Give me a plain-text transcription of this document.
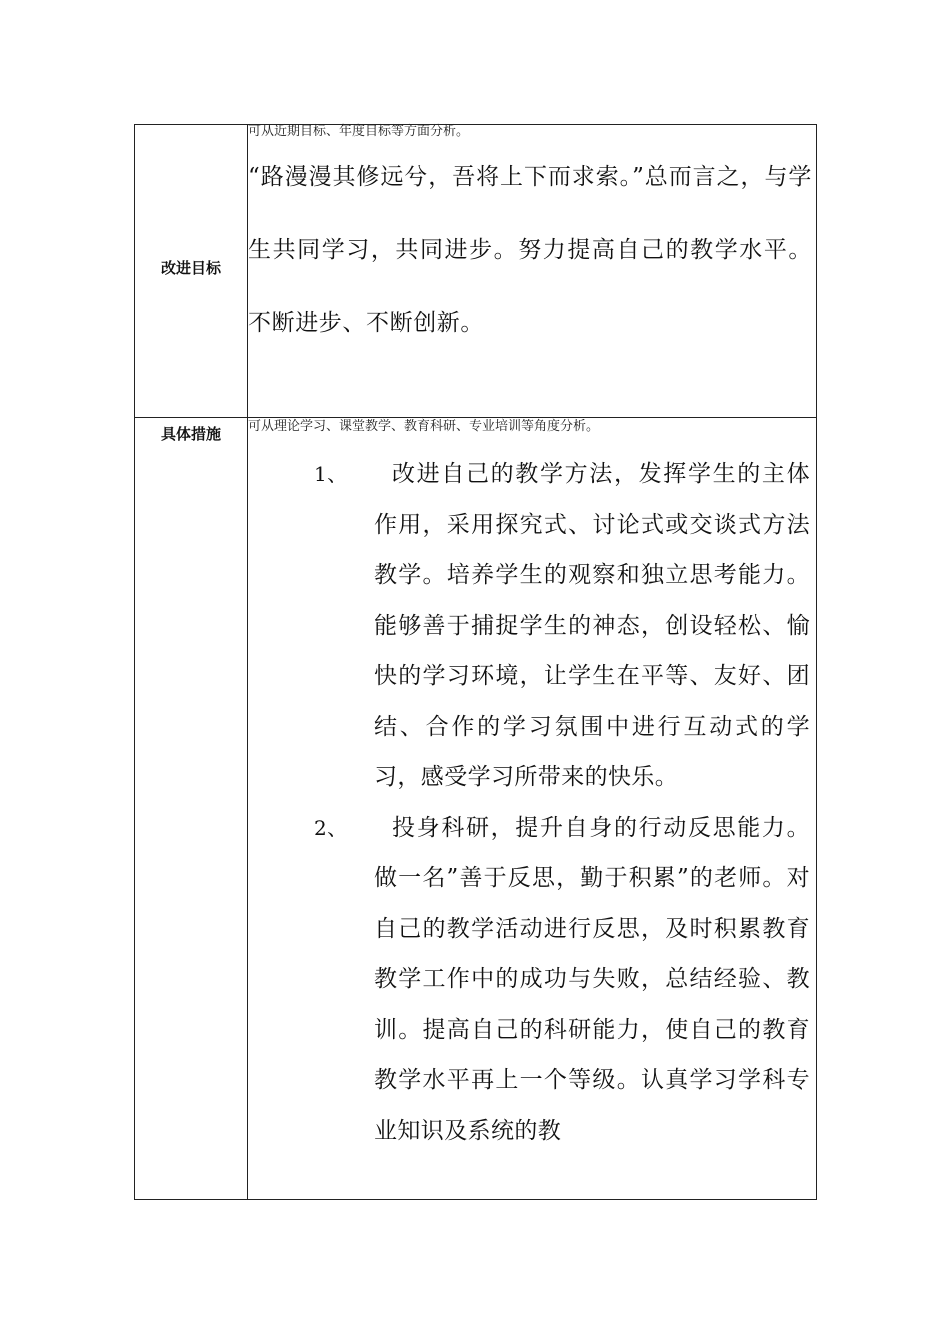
改进目标	可从近期目标、年度目标等方面分析。
“路漫漫其修远兮，吾将上下而求索。”总而言之，与学生共同学习，共同进步。努力提高自己的教学水平。不断进步、不断创新。

具体措施	可从理论学习、课堂教学、教育科研、专业培训等角度分析。
1、 改进自己的教学方法，发挥学生的主体作用，采用探究式、讨论式或交谈式方法教学。培养学生的观察和独立思考能力。能够善于捕捉学生的神态，创设轻松、愉快的学习环境，让学生在平等、友好、团结、合作的学习氛围中进行互动式的学习，感受学习所带来的快乐。
2、 投身科研，提升自身的行动反思能力。做一名”善于反思，勤于积累”的老师。对自己的教学活动进行反思，及时积累教育教学工作中的成功与失败，总结经验、教训。提高自己的科研能力，使自己的教育教学水平再上一个等级。认真学习学科专业知识及系统的教
